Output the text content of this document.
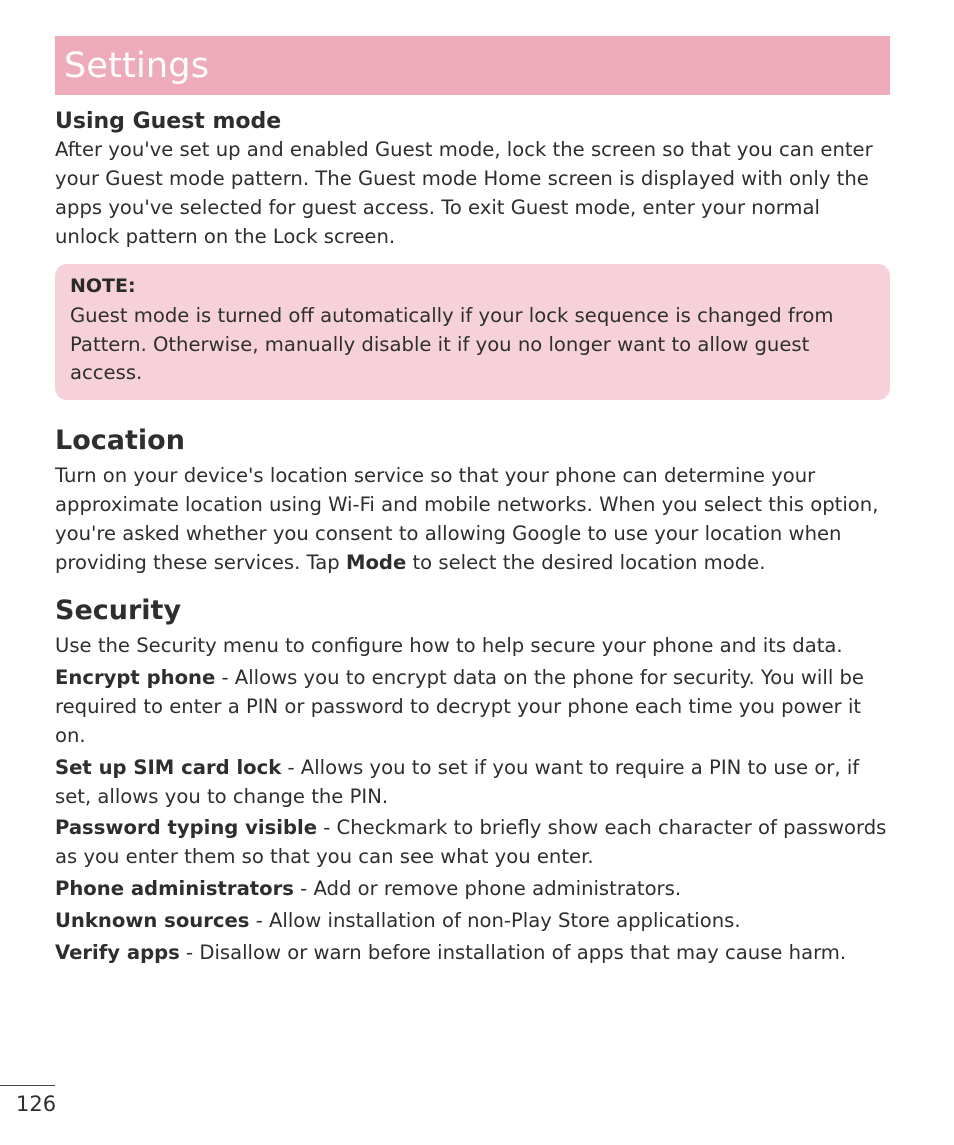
Settings
Using Guest mode
After you've set up and enabled Guest mode, lock the screen so that you can enter your Guest mode pattern. The Guest mode Home screen is displayed with only the apps you've selected for guest access. To exit Guest mode, enter your normal unlock pattern on the Lock screen.
NOTE:
Guest mode is turned off automatically if your lock sequence is changed from Pattern. Otherwise, manually disable it if you no longer want to allow guest access.
Location
Turn on your device's location service so that your phone can determine your approximate location using Wi-Fi and mobile networks. When you select this option, you're asked whether you consent to allowing Google to use your location when providing these services. Tap Mode to select the desired location mode.
Security
Use the Security menu to configure how to help secure your phone and its data.
Encrypt phone - Allows you to encrypt data on the phone for security. You will be required to enter a PIN or password to decrypt your phone each time you power it on.
Set up SIM card lock - Allows you to set if you want to require a PIN to use or, if set, allows you to change the PIN.
Password typing visible - Checkmark to briefly show each character of passwords as you enter them so that you can see what you enter.
Phone administrators - Add or remove phone administrators.
Unknown sources - Allow installation of non-Play Store applications.
Verify apps - Disallow or warn before installation of apps that may cause harm.
126
